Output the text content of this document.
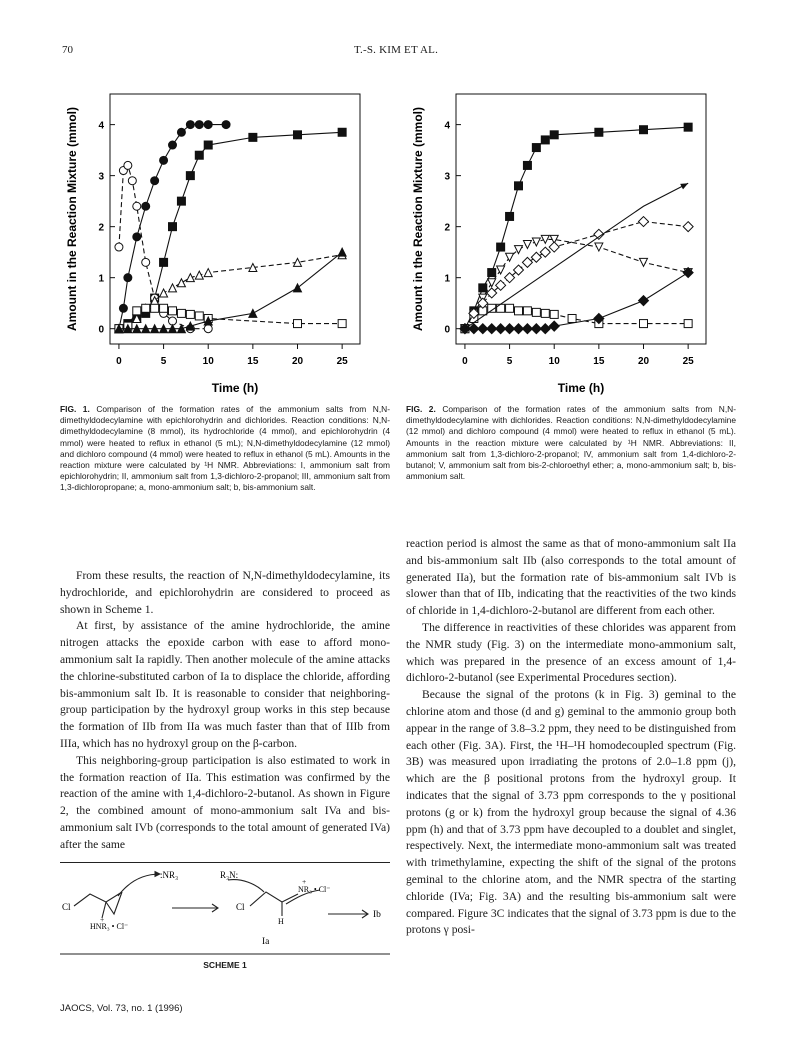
70	T.-S. KIM ET AL.
0	5	10	15	20	25
0
1
2
3
4
Time (h)
Amount in the Reaction Mixture (mmol)
0	5	10	15	20	25
0
1
2
3
4
Time (h)
Amount in the Reaction Mixture (mmol)

FIG. 1. Comparison of the formation rates of the ammonium salts from N,N-dimethyldodecylamine with epichlorohydrin and dichlorides. Reaction conditions: N,N-dimethyldodecylamine (8 mmol), its hydrochloride (4 mmol), and epichlorohydrin (4 mmol) were heated to reflux in ethanol (5 mL); N,N-dimethyldodecylamine (12 mmol) and dichloro compound (4 mmol) were heated to reflux in ethanol (5 mL). Amounts in the reaction mixture were calculated by ¹H NMR. Abbreviations: I, ammonium salt from epichlorohydrin; II, ammonium salt from 1,3-dichloro-2-propanol; III, ammonium salt from 1,3-dichloropropane; a, mono-ammonium salt; b, bis-ammonium salt.

FIG. 2. Comparison of the formation rates of the ammonium salts from N,N-dimethyldodecylamine with dichlorides. Reaction conditions: N,N-dimethyldodecylamine (12 mmol) and dichloro compound (4 mmol) were heated to reflux in ethanol (5 mL). Amounts in the reaction mixture were calculated by ¹H NMR. Abbreviations: II, ammonium salt from 1,3-dichloro-2-propanol; IV, ammonium salt from 1,4-dichloro-2-butanol; V, ammonium salt from bis-2-chloroethyl ether; a, mono-ammonium salt; b, bis-ammonium salt.

From these results, the reaction of N,N-dimethyldodecylamine, its hydrochloride, and epichlorohydrin are considered to proceed as shown in Scheme 1.

At first, by assistance of the amine hydrochloride, the amine nitrogen attacks the epoxide carbon with ease to afford mono-ammonium salt Ia rapidly. Then another molecule of the amine attacks the chlorine-substituted carbon of Ia to displace the chloride, affording bis-ammonium salt Ib. It is reasonable to consider that neighboring-group participation by the hydroxyl group works in this step because the formation of IIb from IIa was much faster than that of IIIb from IIIa, which has no hydroxyl group on the β-carbon.

This neighboring-group participation is also estimated to work in the formation reaction of IIa. This estimation was confirmed by the reaction of the amine with 1,4-dichloro-2-butanol. As shown in Figure 2, the combined amount of mono-ammonium salt IVa and bis-ammonium salt IVb (corresponds to the total amount of generated IVa) after the same

:NR₃	R₃N:
+
NR₃ • Cl⁻
Cl
+
HNR₃ • Cl⁻
Cl
H
Ia
Ib
SCHEME 1

reaction period is almost the same as that of mono-ammonium salt IIa and bis-ammonium salt IIb (also corresponds to the total amount of generated IIa), but the formation rate of bis-ammonium salt IVb is slower than that of IIb, indicating that the reactivities of the two kinds of chloride in 1,4-dichloro-2-butanol are different from each other.

The difference in reactivities of these chlorides was apparent from the NMR study (Fig. 3) on the intermediate mono-ammonium salt, which was prepared in the presence of an excess amount of 1,4-dichloro-2-butanol (see Experimental Procedures section).

Because the signal of the protons (k in Fig. 3) geminal to the chlorine atom and those (d and g) geminal to the ammonio group both appear in the range of 3.8–3.2 ppm, they need to be distinguished from each other (Fig. 3A). First, the ¹H–¹H homodecoupled spectrum (Fig. 3B) was measured upon irradiating the protons of 2.0–1.8 ppm (j), which are the β positional protons from the hydroxyl group. It indicates that the signal of 3.73 ppm corresponds to the γ positional protons (g or k) from the hydroxyl group because the signal of 4.36 ppm (h) and that of 3.73 ppm have decoupled to a doublet and singlet, respectively. Next, the intermediate mono-ammonium salt was treated with trimethylamine, expecting the shift of the signal of the protons geminal to the chlorine atom, and the NMR spectra of the starting chloride (IVa; Fig. 3A) and the resulting bis-ammonium salt were compared. Figure 3C indicates that the signal of 3.73 ppm is due to the protons γ posi-

JAOCS, Vol. 73, no. 1 (1996)
